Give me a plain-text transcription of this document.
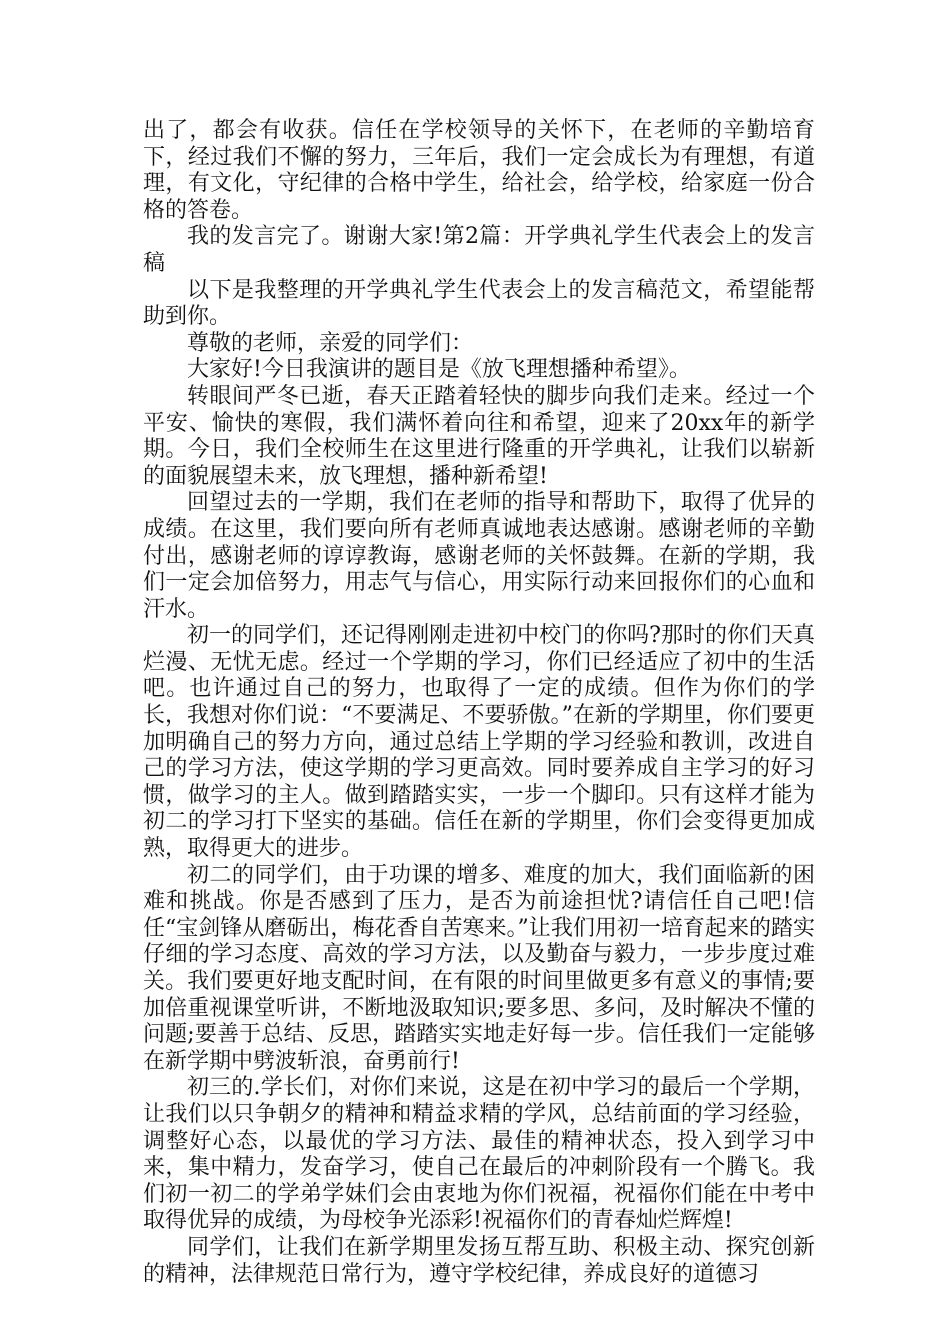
出了，都会有收获。信任在学校领导的关怀下，在老师的辛勤培育下，经过我们不懈的努力，三年后，我们一定会成长为有理想，有道理，有文化，守纪律的合格中学生，给社会，给学校，给家庭一份合格的答卷。

我的发言完了。谢谢大家!第2篇：开学典礼学生代表会上的发言稿

以下是我整理的开学典礼学生代表会上的发言稿范文，希望能帮助到你。

尊敬的老师，亲爱的同学们：

大家好!今日我演讲的题目是《放飞理想播种希望》。

转眼间严冬已逝，春天正踏着轻快的脚步向我们走来。经过一个平安、愉快的寒假，我们满怀着向往和希望，迎来了20xx年的新学期。今日，我们全校师生在这里进行隆重的开学典礼，让我们以崭新的面貌展望未来，放飞理想，播种新希望!

回望过去的一学期，我们在老师的指导和帮助下，取得了优异的成绩。在这里，我们要向所有老师真诚地表达感谢。感谢老师的辛勤付出，感谢老师的谆谆教诲，感谢老师的关怀鼓舞。在新的学期，我们一定会加倍努力，用志气与信心，用实际行动来回报你们的心血和汗水。

初一的同学们，还记得刚刚走进初中校门的你吗?那时的你们天真烂漫、无忧无虑。经过一个学期的学习，你们已经适应了初中的生活吧。也许通过自己的努力，也取得了一定的成绩。但作为你们的学长，我想对你们说：“不要满足、不要骄傲。”在新的学期里，你们要更加明确自己的努力方向，通过总结上学期的学习经验和教训，改进自己的学习方法，使这学期的学习更高效。同时要养成自主学习的好习惯，做学习的主人。做到踏踏实实，一步一个脚印。只有这样才能为初二的学习打下坚实的基础。信任在新的学期里，你们会变得更加成熟，取得更大的进步。

初二的同学们，由于功课的增多、难度的加大，我们面临新的困难和挑战。你是否感到了压力，是否为前途担忧?请信任自己吧!信任“宝剑锋从磨砺出，梅花香自苦寒来。”让我们用初一培育起来的踏实仔细的学习态度、高效的学习方法，以及勤奋与毅力，一步步度过难关。我们要更好地支配时间，在有限的时间里做更多有意义的事情;要加倍重视课堂听讲，不断地汲取知识;要多思、多问，及时解决不懂的问题;要善于总结、反思，踏踏实实地走好每一步。信任我们一定能够在新学期中劈波斩浪，奋勇前行!

初三的.学长们，对你们来说，这是在初中学习的最后一个学期，让我们以只争朝夕的精神和精益求精的学风，总结前面的学习经验，调整好心态，以最优的学习方法、最佳的精神状态，投入到学习中来，集中精力，发奋学习，使自己在最后的冲刺阶段有一个腾飞。我们初一初二的学弟学妹们会由衷地为你们祝福，祝福你们能在中考中取得优异的成绩，为母校争光添彩!祝福你们的青春灿烂辉煌!

同学们，让我们在新学期里发扬互帮互助、积极主动、探究创新的精神，法律规范日常行为，遵守学校纪律，养成良好的道德习
